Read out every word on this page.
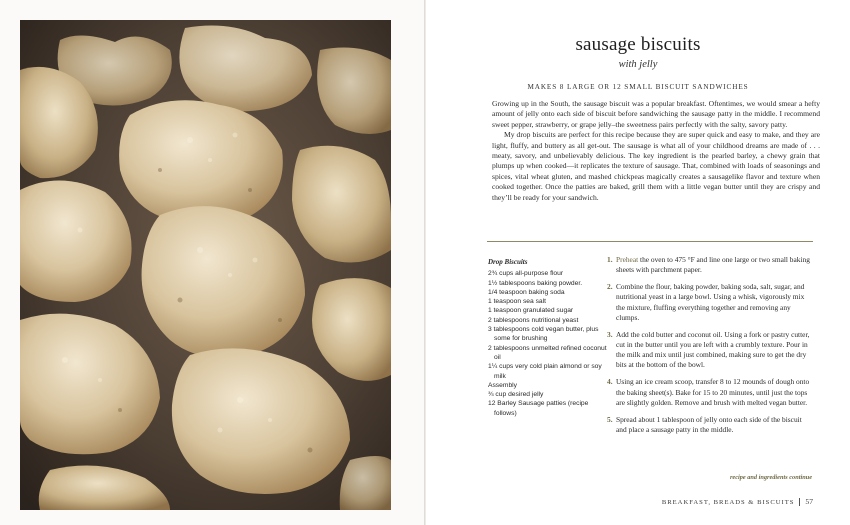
sausage biscuits
with jelly
MAKES 8 LARGE OR 12 SMALL BISCUIT SANDWICHES

Growing up in the South, the sausage biscuit was a popular breakfast. Oftentimes, we would smear a hefty amount of jelly onto each side of biscuit before sandwiching the sausage patty in the middle. I recommend sweet pepper, strawberry, or grape jelly–the sweetness pairs perfectly with the salty, savory patty.

My drop biscuits are perfect for this recipe because they are super quick and easy to make, and they are light, fluffy, and buttery as all get-out. The sausage is what all of your childhood dreams are made of . . . meaty, savory, and unbelievably delicious. The key ingredient is the pearled barley, a chewy grain that plumps up when cooked—it replicates the texture of sausage. That, combined with loads of seasonings and spices, vital wheat gluten, and mashed chickpeas magically creates a sausagelike flavor and texture when cooked together. Once the patties are baked, grill them with a little vegan butter until they are crispy and they’ll be ready for your sandwich.

Drop Biscuits
2¾ cups all-purpose flour
1½ tablespoons baking powder.
1/4 teaspoon baking soda
1 teaspoon sea salt
1 teaspoon granulated sugar
2 tablespoons nutritional yeast
3 tablespoons cold vegan butter, plus some for brushing
2 tablespoons unmelted refined coconut oil
1¼ cups very cold plain almond or soy milk
Assembly
¾ cup desired jelly
12 Barley Sausage patties (recipe follows)
1. Preheat the oven to 475 °F and line one large or two small baking sheets with parchment paper.
2. Combine the flour, baking powder, baking soda, salt, sugar, and nutritional yeast in a large bowl. Using a whisk, vigorously mix the mixture, fluffing everything together and removing any clumps.
3. Add the cold butter and coconut oil. Using a fork or pastry cutter, cut in the butter until you are left with a crumbly texture. Pour in the milk and mix until just combined, making sure to get the dry bits at the bottom of the bowl.
4. Using an ice cream scoop, transfer 8 to 12 mounds of dough onto the baking sheet(s). Bake for 15 to 20 minutes, until just the tops are slightly golden. Remove and brush with melted vegan butter.
5. Spread about 1 tablespoon of jelly onto each side of the biscuit and place a sausage patty in the middle.
recipe and ingredients continue
BREAKFAST, BREADS & BISCUITS 57
